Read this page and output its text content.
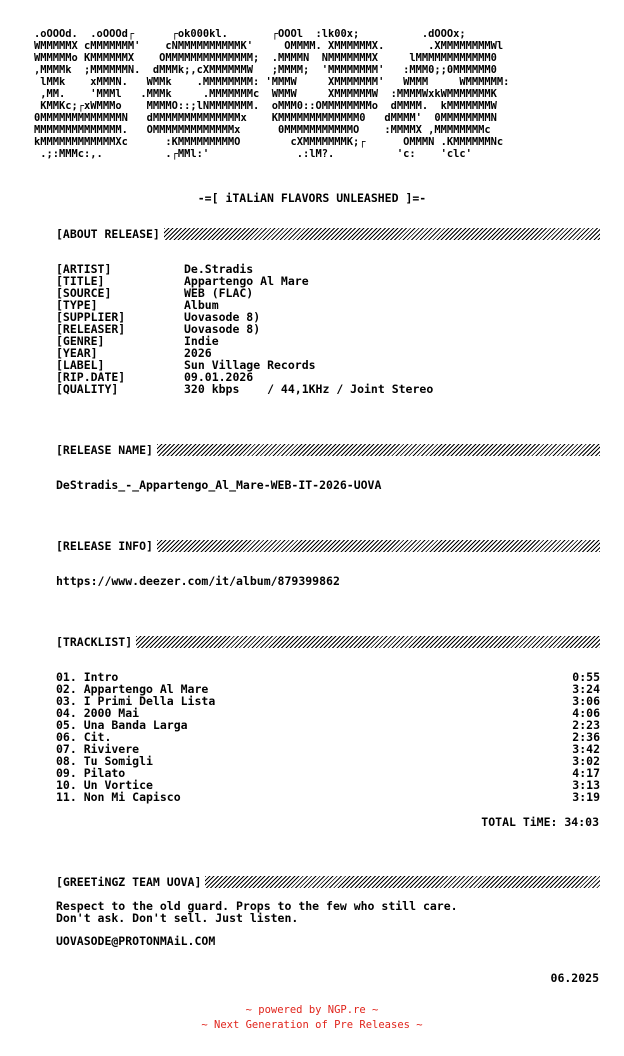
.oOOOd.  .oOOOd┌      ┌ok000kl.       ┌OOOl  :lk00x;          .dOOOx;
WMMMMMX cMMMMMMM'    cNMMMMMMMMMMK'     OMMMM. XMMMMMMX.       .XMMMMMMMMWl
WMMMMMo KMMMMMMX    OMMMMMMMMMMMMMM;  .MMMMN  NMMMMMMMX     lMMMMMMMMMMMM0
,MMMMk  ;MMMMMMN.  dMMMk;,cXMMMMMMW   ;MMMM;  'MMMMMMMM'   :MMM0;;0MMMMMM0
lMMk    xMMMN.   WMMk    .MMMMMMMM: 'MMMW     XMMMMMMM'   WMMM     WMMMMMM:
,MM.    'MMMl   .MMMk     .MMMMMMMc  WMMW     XMMMMMMW  :MMMMWxkWMMMMMMMK
KMMKc;┌xWMMMo    MMMMO::;lNMMMMMMM.  oMMM0::OMMMMMMMMo  dMMMM.  kMMMMMMMW
0MMMMMMMMMMMMMN   dMMMMMMMMMMMMMMx    KMMMMMMMMMMMMM0   dMMMM'  0MMMMMMMMN
MMMMMMMMMMMMMM.   OMMMMMMMMMMMMMx      0MMMMMMMMMMMO    :MMMMX ,MMMMMMMMc
kMMMMMMMMMMMMXc      :KMMMMMMMMMO        cXMMMMMMMK;┌      OMMMN .KMMMMMMNc
.;:MMMc:,.          .┌MMl:'              .:lM?.          'c:    'clc'
-=[ iTALiAN FLAVORS UNLEASHED ]=-
[ABOUT RELEASE]
[ARTIST]	De.Stradis
[TITLE]	Appartengo Al Mare
[SOURCE]	WEB (FLAC)
[TYPE]	Album
[SUPPLIER]	Uovasode 8)
[RELEASER]	Uovasode 8)
[GENRE]	Indie
[YEAR]	2026
[LABEL]	Sun Village Records
[RIP.DATE]	09.01.2026
[QUALITY]	320 kbps    / 44,1KHz / Joint Stereo
[RELEASE NAME]
DeStradis_-_Appartengo_Al_Mare-WEB-IT-2026-UOVA
[RELEASE INFO]
https://www.deezer.com/it/album/879399862
[TRACKLIST]
01. Intro	0:55
02. Appartengo Al Mare	3:24
03. I Primi Della Lista	3:06
04. 2000 Mai	4:06
05. Una Banda Larga	2:23
06. Cit.	2:36
07. Rivivere	3:42
08. Tu Somigli	3:02
09. Pilato	4:17
10. Un Vortice	3:13
11. Non Mi Capisco	3:19
TOTAL TiME: 34:03
[GREETiNGZ TEAM UOVA]
Respect to the old guard. Props to the few who still care.
Don't ask. Don't sell. Just listen.
UOVASODE@PROTONMAiL.COM
06.2025
~ powered by NGP.re ~
~ Next Generation of Pre Releases ~
